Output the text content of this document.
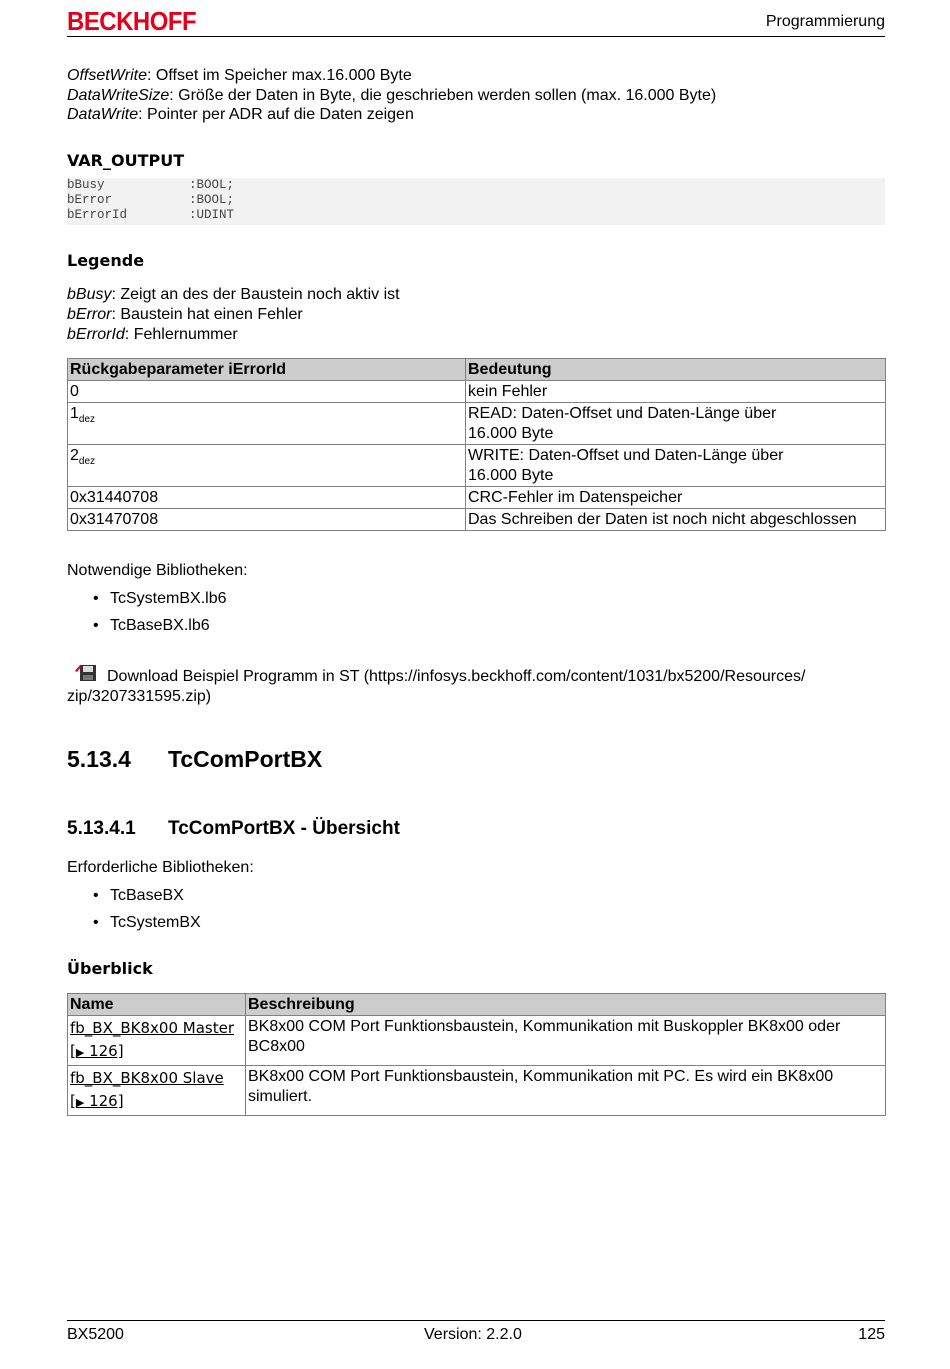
BECKHOFF	Programmierung
OffsetWrite: Offset im Speicher max.16.000 Byte
DataWriteSize: Größe der Daten in Byte, die geschrieben werden sollen (max. 16.000 Byte)
DataWrite: Pointer per ADR auf die Daten zeigen
VAR_OUTPUT
bBusy	:BOOL;
bError	:BOOL;
bErrorId	:UDINT
Legende
bBusy: Zeigt an des der Baustein noch aktiv ist
bError: Baustein hat einen Fehler
bErrorId: Fehlernummer
Rückgabeparameter iErrorId	Bedeutung
0	kein Fehler
$1_{dez}$	READ: Daten-Offset und Daten-Länge über 16.000 Byte
$2_{dez}$	WRITE: Daten-Offset und Daten-Länge über 16.000 Byte
0x31440708	CRC-Fehler im Datenspeicher
0x31470708	Das Schreiben der Daten ist noch nicht abgeschlossen
Notwendige Bibliotheken:
• TcSystemBX.lb6
• TcBaseBX.lb6
Download Beispiel Programm in ST (https://infosys.beckhoff.com/content/1031/bx5200/Resources/
zip/3207331595.zip)
5.13.4 TcComPortBX
5.13.4.1 TcComPortBX - Übersicht
Erforderliche Bibliotheken:
• TcBaseBX
• TcSystemBX
Überblick
Name	Beschreibung
fb_BX_BK8x00 Master
[▶ 126]	BK8x00 COM Port Funktionsbaustein, Kommunikation mit Buskoppler BK8x00 oder BC8x00
fb_BX_BK8x00 Slave
[▶ 126]	BK8x00 COM Port Funktionsbaustein, Kommunikation mit PC. Es wird ein BK8x00 simuliert.
BX5200	Version: 2.2.0	125
